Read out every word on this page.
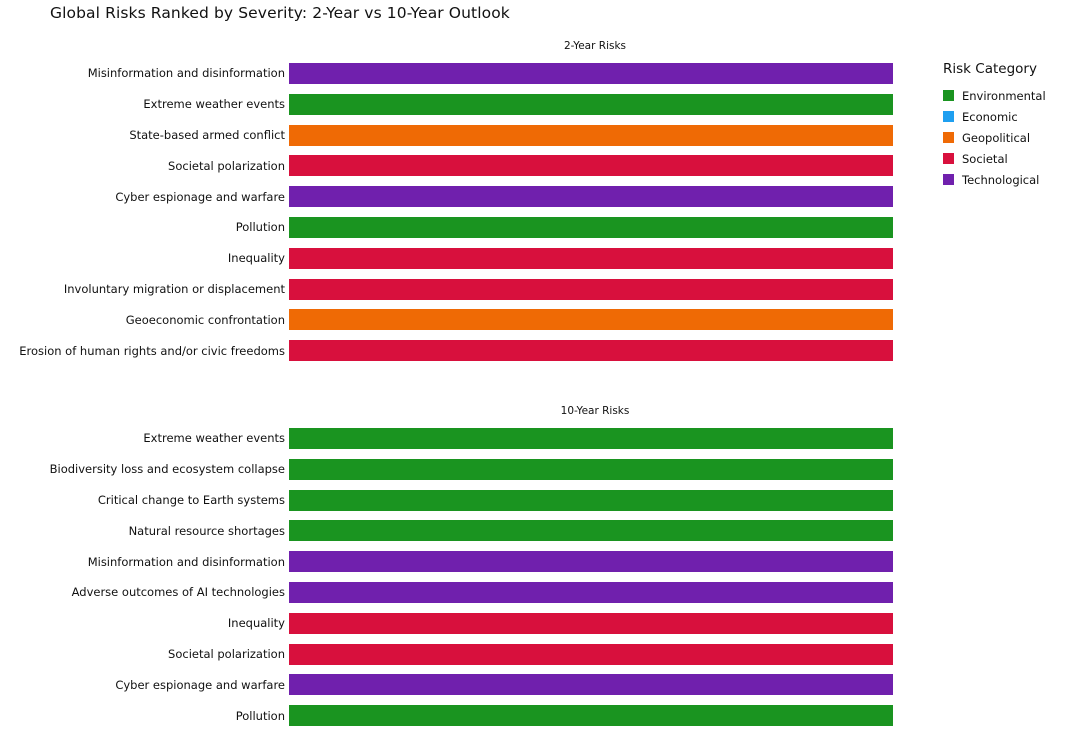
Global Risks Ranked by Severity: 2-Year vs 10-Year Outlook
2-Year Risks
Misinformation and disinformation
Extreme weather events
State-based armed conflict
Societal polarization
Cyber espionage and warfare
Pollution
Inequality
Involuntary migration or displacement
Geoeconomic confrontation
Erosion of human rights and/or civic freedoms
10-Year Risks
Extreme weather events
Biodiversity loss and ecosystem collapse
Critical change to Earth systems
Natural resource shortages
Misinformation and disinformation
Adverse outcomes of AI technologies
Inequality
Societal polarization
Cyber espionage and warfare
Pollution
Risk Category
Environmental
Economic
Geopolitical
Societal
Technological
